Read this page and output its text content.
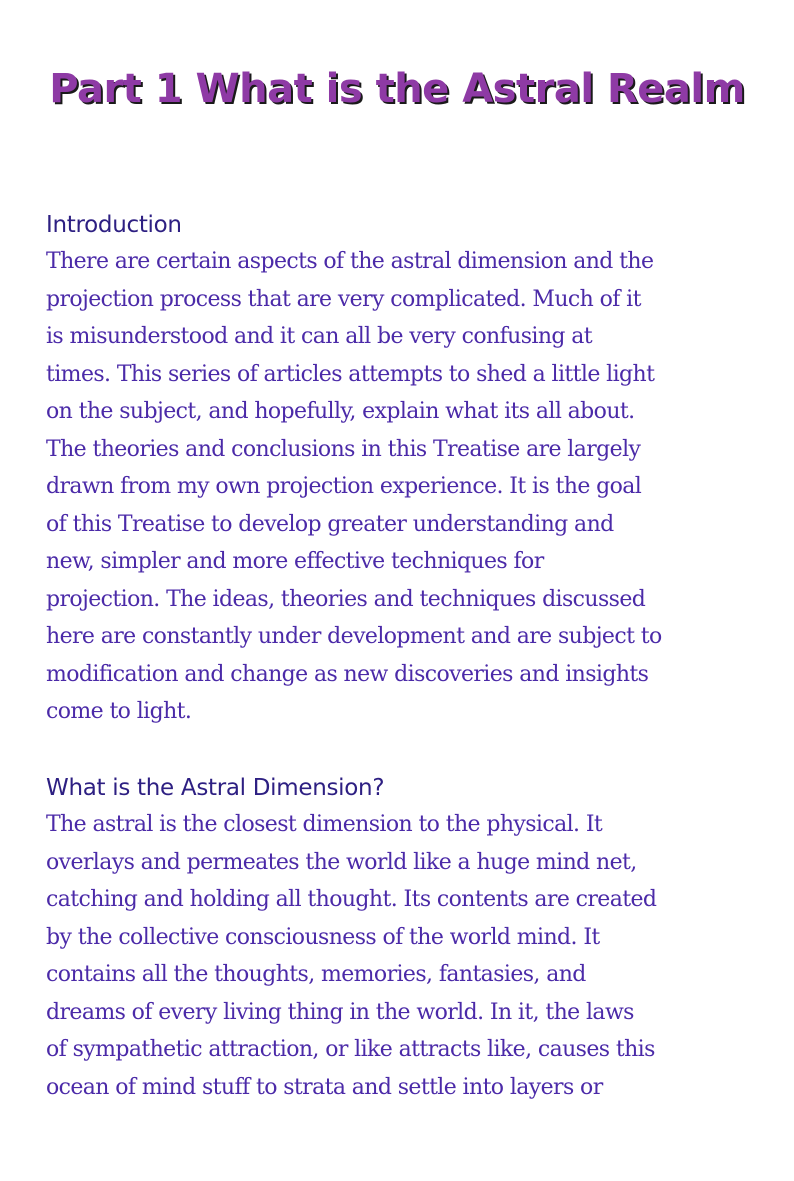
Part 1 What is the Astral Realm
Introduction

There are certain aspects of the astral dimension and the

projection process that are very complicated. Much of it

is misunderstood and it can all be very confusing at

times. This series of articles attempts to shed a little light

on the subject, and hopefully, explain what its all about.

The theories and conclusions in this Treatise are largely

drawn from my own projection experience. It is the goal

of this Treatise to develop greater understanding and

new, simpler and more effective techniques for

projection. The ideas, theories and techniques discussed

here are constantly under development and are subject to

modification and change as new discoveries and insights

come to light.

What is the Astral Dimension?

The astral is the closest dimension to the physical. It

overlays and permeates the world like a huge mind net,

catching and holding all thought. Its contents are created

by the collective consciousness of the world mind. It

contains all the thoughts, memories, fantasies, and

dreams of every living thing in the world. In it, the laws

of sympathetic attraction, or like attracts like, causes this

ocean of mind stuff to strata and settle into layers or
